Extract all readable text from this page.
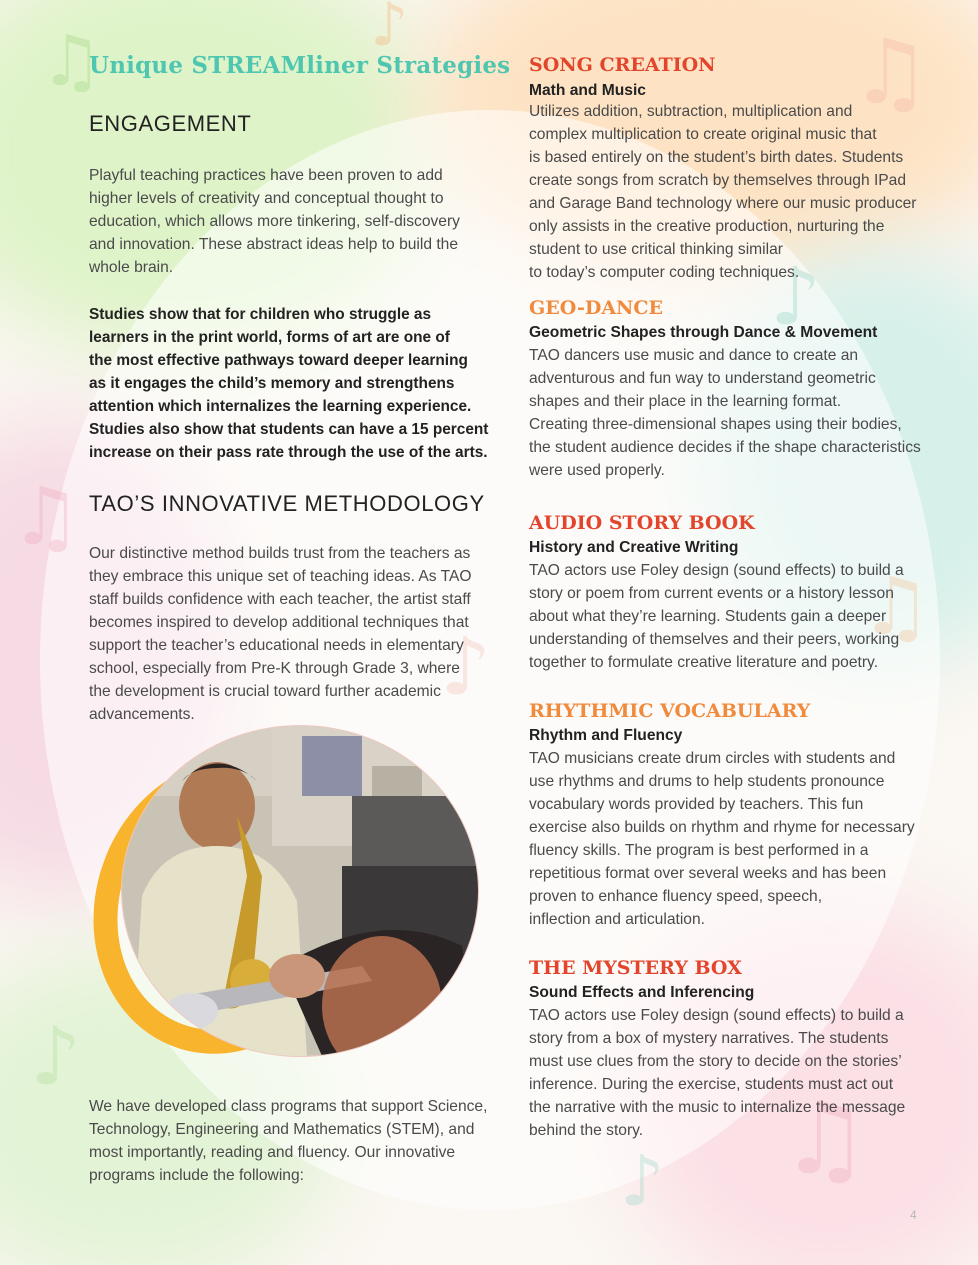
♫	♪	♫
♪
♫
♪
♫
♪
♫
♪
Unique STREAMliner Strategies
ENGAGEMENT

Playful teaching practices have been proven to add
higher levels of creativity and conceptual thought to
education, which allows more tinkering, self-discovery
and innovation. These abstract ideas help to build the
whole brain.

Studies show that for children who struggle as
learners in the print world, forms of art are one of
the most effective pathways toward deeper learning
as it engages the child’s memory and strengthens
attention which internalizes the learning experience.
Studies also show that students can have a 15 percent
increase on their pass rate through the use of the arts.

TAO’S INNOVATIVE METHODOLOGY

Our distinctive method builds trust from the teachers as
they embrace this unique set of teaching ideas. As TAO
staff builds confidence with each teacher, the artist staff
becomes inspired to develop additional techniques that
support the teacher’s educational needs in elementary
school, especially from Pre-K through Grade 3, where
the development is crucial toward further academic
advancements.

We have developed class programs that support Science,
Technology, Engineering and Mathematics (STEM), and
most importantly, reading and fluency. Our innovative
programs include the following:

SONG CREATION

Math and Music

Utilizes addition, subtraction, multiplication and
complex multiplication to create original music that
is based entirely on the student’s birth dates. Students
create songs from scratch by themselves through IPad
and Garage Band technology where our music producer
only assists in the creative production, nurturing the
student to use critical thinking similar
to today’s computer coding techniques.

GEO-DANCE

Geometric Shapes through Dance & Movement

TAO dancers use music and dance to create an
adventurous and fun way to understand geometric
shapes and their place in the learning format.
Creating three-dimensional shapes using their bodies,
the student audience decides if the shape characteristics
were used properly.

AUDIO STORY BOOK

History and Creative Writing

TAO actors use Foley design (sound effects) to build a
story or poem from current events or a history lesson
about what they’re learning. Students gain a deeper
understanding of themselves and their peers, working
together to formulate creative literature and poetry.

RHYTHMIC VOCABULARY

Rhythm and Fluency

TAO musicians create drum circles with students and
use rhythms and drums to help students pronounce
vocabulary words provided by teachers. This fun
exercise also builds on rhythm and rhyme for necessary
fluency skills. The program is best performed in a
repetitious format over several weeks and has been
proven to enhance fluency speed, speech,
inflection and articulation.

THE MYSTERY BOX

Sound Effects and Inferencing

TAO actors use Foley design (sound effects) to build a
story from a box of mystery narratives. The students
must use clues from the story to decide on the stories’
inference. During the exercise, students must act out
the narrative with the music to internalize the message
behind the story.

4
